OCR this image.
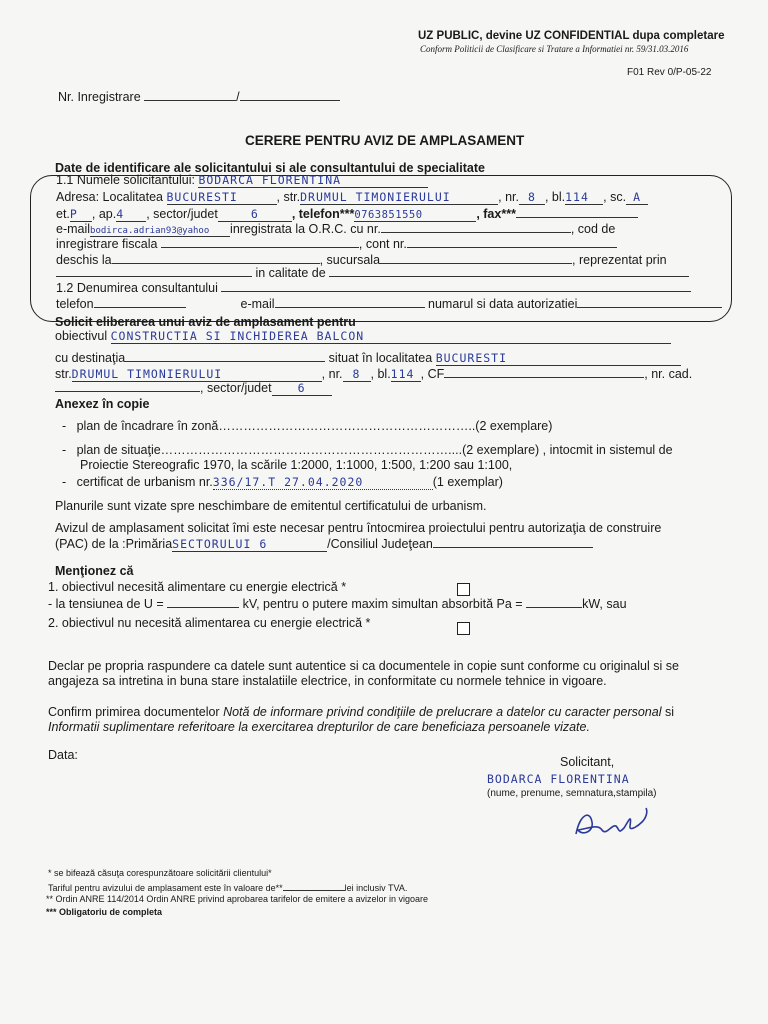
UZ PUBLIC, devine UZ CONFIDENTIAL dupa completare
Conform Politicii de Clasificare si Tratare a Informatiei nr. 59/31.03.2016
F01 Rev 0/P-05-22
Nr. Inregistrare	/
CERERE PENTRU AVIZ DE AMPLASAMENT
Date de identificare ale solicitantului si ale consultantului de specialitate
1.1 Numele solicitantului: BODARCA FLORENTINA
Adresa: Localitatea BUCURESTI	, str.DRUMUL TIMONIERULUI	, nr. 8 , bl.114 , sc. A
et.P , ap.4 , sector/judet	6	, telefon***0763851550	, fax***
e-mailbodirca.adrian93@yahoo inregistrata la O.R.C. cu nr.	, cod de
inregistrare fiscala	, cont nr.
deschis la	, sucursala	, reprezentat prin
in calitate de
1.2 Denumirea consultantului
telefon	e-mail	numarul si data autorizatiei
Solicit eliberarea unui aviz de amplasament pentru
obiectivul CONSTRUCTIA SI INCHIDEREA BALCON
cu destinaţia	situat în localitatea BUCURESTI
str.DRUMUL TIMONIERULUI	, nr. 8 , bl.114 , CF	, nr. cad.
, sector/judet 6
Anexez în copie
-   plan de încadrare în zonă……………………………………………………..(2 exemplare)
-   plan de situaţie……………………………………………………………....(2 exemplare) , intocmit in sistemul de
Proiectie Stereografic 1970, la scările 1:2000, 1:1000, 1:500, 1:200 sau 1:100,
-   certificat de urbanism nr.336/17.T 27.04.2020	(1 exemplar)
Planurile sunt vizate spre neschimbare de emitentul certificatului de urbanism.
Avizul de amplasament solicitat îmi este necesar pentru întocmirea proiectului pentru autorizaţia de construire
(PAC) de la :PrimăriaSECTORULUI 6	/Consiliul Judeţean
Menţionez că
1. obiectivul necesită alimentare cu energie electrică *
- la tensiunea de U =	kV, pentru o putere maxim simultan absorbită Pa =	kW, sau
2. obiectivul nu necesită alimentarea cu energie electrică *
Declar pe propria raspundere ca datele sunt autentice si ca documentele in copie sunt conforme cu originalul si se
angajeza sa intretina in buna stare instalatiile electrice, in conformitate cu normele tehnice in vigoare.
Confirm primirea documentelor Notă de informare privind condiţiile de prelucrare a datelor cu caracter personal si
Informatii suplimentare referitoare la exercitarea drepturilor de care beneficiaza persoanele vizate.
Data:	Solicitant,
BODARCA FLORENTINA
(nume, prenume, semnatura,stampila)
* se bifează căsuţa corespunzătoare solicitării clientului*
Tariful pentru avizului de amplasament este în valoare de**	lei inclusiv TVA.
** Ordin ANRE 114/2014 Ordin ANRE privind aprobarea tarifelor de emitere a avizelor in vigoare
*** Obligatoriu de completa
